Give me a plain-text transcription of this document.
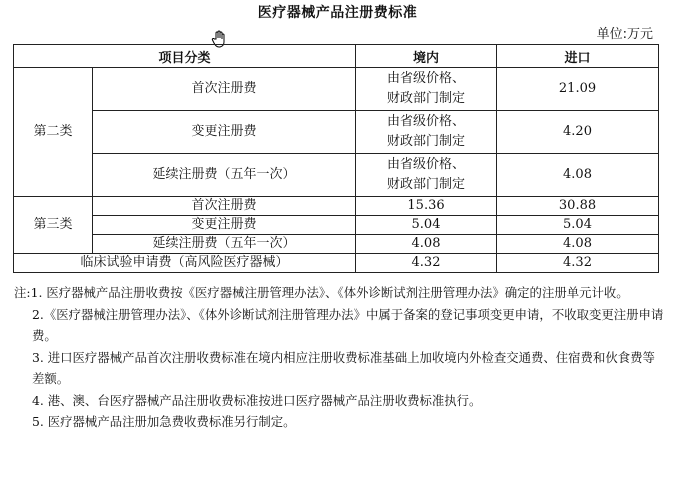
医疗器械产品注册费标准
单位:万元
项目分类		境内	进口
第二类	首次注册费	由省级价格、
财政部门制定	21.09
	变更注册费	由省级价格、
财政部门制定	4.20
	延续注册费（五年一次）	由省级价格、
财政部门制定	4.08
第三类	首次注册费	15.36	30.88
	变更注册费	5.04	5.04
	延续注册费（五年一次）	4.08	4.08
临床试验申请费（高风险医疗器械）		4.32	4.32

注:1. 医疗器械产品注册收费按《医疗器械注册管理办法》、《体外诊断试剂注册管理办法》确定的注册单元计收。

2.《医疗器械注册管理办法》、《体外诊断试剂注册管理办法》中属于备案的登记事项变更申请，不收取变更注册申请费。

3. 进口医疗器械产品首次注册收费标准在境内相应注册收费标准基础上加收境内外检查交通费、住宿费和伙食费等差额。

4. 港、澳、台医疗器械产品注册收费标准按进口医疗器械产品注册收费标准执行。

5. 医疗器械产品注册加急费收费标准另行制定。
